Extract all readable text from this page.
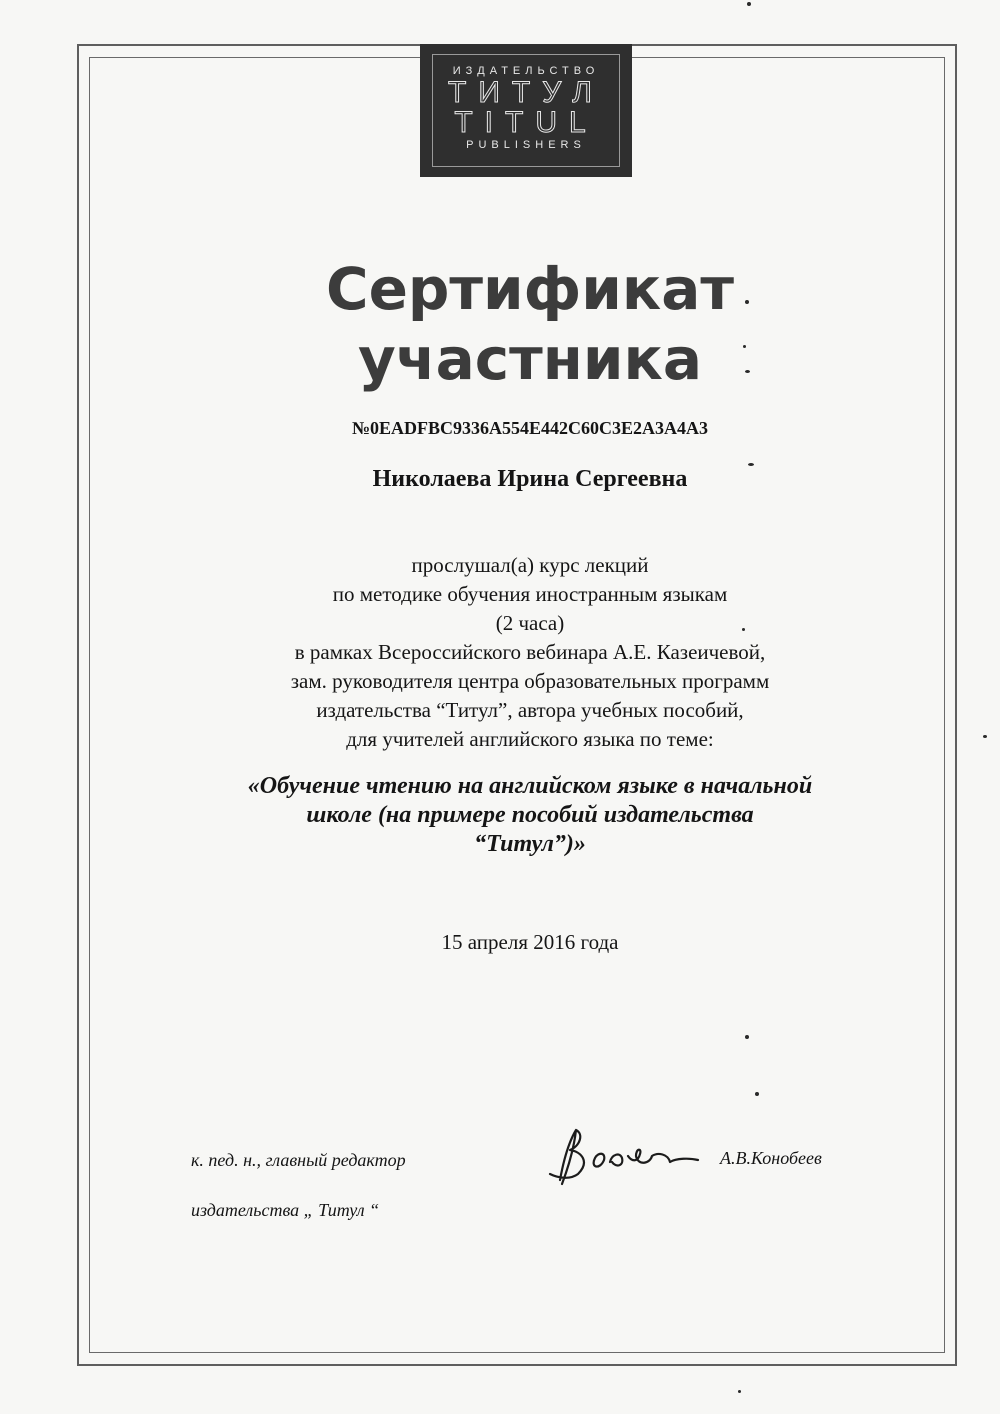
ИЗДАТЕЛЬСТВО
ТИТУЛ
TITUL
PUBLISHERS
Сертификат
участника
№0EADFBC9336A554E442C60C3E2A3A4A3
Николаева Ирина Сергеевна
прослушал(а) курс лекций
по методике обучения иностранным языкам
(2 часа)
в рамках Всероссийского вебинара А.Е. Казеичевой,
зам. руководителя центра образовательных программ
издательства “Титул”, автора учебных пособий,
для учителей английского языка по теме:
«Обучение чтению на английском языке в начальной
школе (на примере пособий издательства
“Титул”)»
15 апреля 2016 года
к. пед. н., главный редактор
издательства „ Титул “
А.В.Конобеев
